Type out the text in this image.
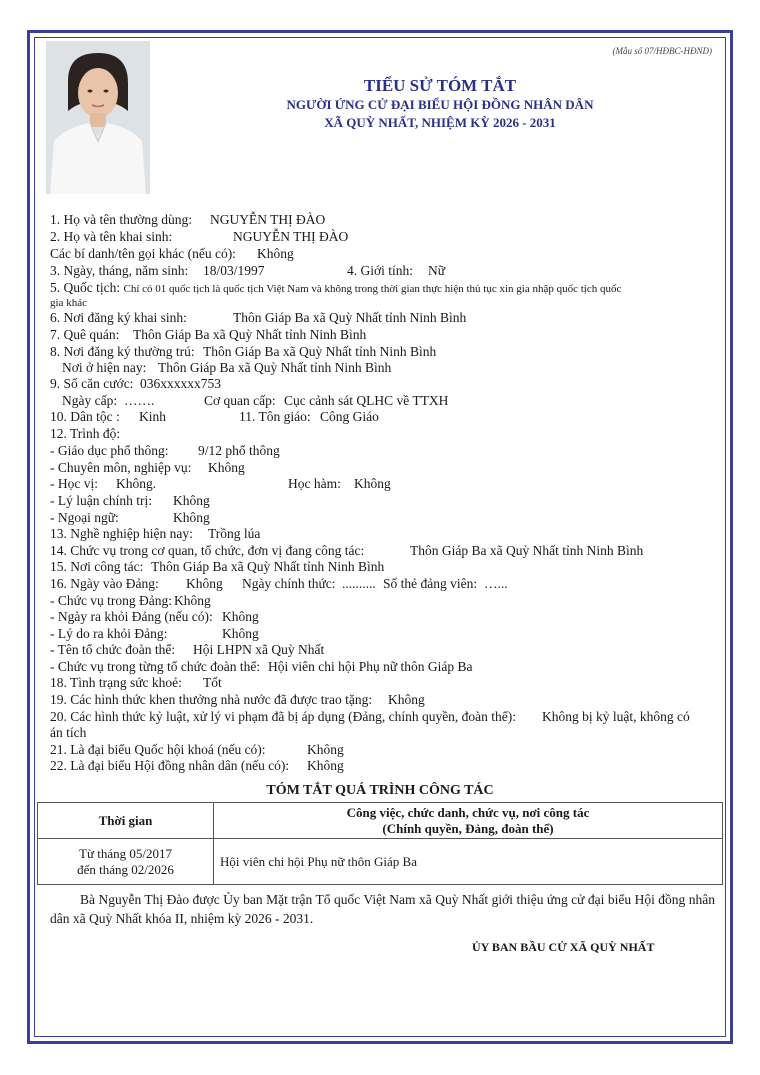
(Mẫu số 07/HĐBC-HĐND)
TIỂU SỬ TÓM TẮT
NGƯỜI ỨNG CỬ ĐẠI BIỂU HỘI ĐỒNG NHÂN DÂN
XÃ QUỲ NHẤT, NHIỆM KỲ 2026 - 2031
1. Họ và tên thường dùng: NGUYỄN THỊ ĐÀO
2. Họ và tên khai sinh:	NGUYỄN THỊ ĐÀO
Các bí danh/tên gọi khác (nếu có): Không
3. Ngày, tháng, năm sinh: 18/03/1997	4. Giới tính: Nữ
5. Quốc tịch: Chỉ có 01 quốc tịch là quốc tịch Việt Nam và không trong thời gian thực hiện thủ tục xin gia nhập quốc tịch quốc
gia khác
6. Nơi đăng ký khai sinh:	Thôn Giáp Ba xã Quỳ Nhất tỉnh Ninh Bình
7. Quê quán: Thôn Giáp Ba xã Quỳ Nhất tỉnh Ninh Bình
8. Nơi đăng ký thường trú: Thôn Giáp Ba xã Quỳ Nhất tỉnh Ninh Bình
Nơi ở hiện nay: Thôn Giáp Ba xã Quỳ Nhất tỉnh Ninh Bình
9. Số căn cước: 036xxxxxx753
Ngày cấp: …….	Cơ quan cấp: Cục cảnh sát QLHC về TTXH
10. Dân tộc : Kinh	11. Tôn giáo: Công Giáo
12. Trình độ:
- Giáo dục phổ thông: 9/12 phổ thông
- Chuyên môn, nghiệp vụ: Không
- Học vị: Không.	Học hàm: Không
- Lý luận chính trị: Không
- Ngoại ngữ:	Không
13. Nghề nghiệp hiện nay: Trồng lúa
14. Chức vụ trong cơ quan, tổ chức, đơn vị đang công tác:	Thôn Giáp Ba xã Quỳ Nhất tỉnh Ninh Bình
15. Nơi công tác: Thôn Giáp Ba xã Quỳ Nhất tỉnh Ninh Bình
16. Ngày vào Đảng: Không Ngày chính thức: .......... Số thẻ đảng viên: …...
- Chức vụ trong Đảng: Không
- Ngày ra khỏi Đảng (nếu có): Không
- Lý do ra khỏi Đảng:	Không
- Tên tổ chức đoàn thể: Hội LHPN xã Quỳ Nhất
- Chức vụ trong từng tổ chức đoàn thể: Hội viên chi hội Phụ nữ thôn Giáp Ba
18. Tình trạng sức khoẻ: Tốt
19. Các hình thức khen thưởng nhà nước đã được trao tặng: Không
20. Các hình thức kỷ luật, xử lý vi phạm đã bị áp dụng (Đảng, chính quyền, đoàn thể): Không bị kỷ luật, không có
án tích
21. Là đại biểu Quốc hội khoá (nếu có):	Không
22. Là đại biểu Hội đồng nhân dân (nếu có): Không
TÓM TẮT QUÁ TRÌNH CÔNG TÁC
Thời gian	Công việc, chức danh, chức vụ, nơi công tác
(Chính quyền, Đảng, đoàn thể)

Từ tháng 05/2017
đến tháng 02/2026	Hội viên chi hội Phụ nữ thôn Giáp Ba
Bà Nguyễn Thị Đào được Ủy ban Mặt trận Tổ quốc Việt Nam xã Quỳ Nhất giới thiệu ứng cử đại biểu Hội đồng nhân dân xã Quỳ Nhất khóa II, nhiệm kỳ 2026 - 2031.
ỦY BAN BẦU CỬ XÃ QUỲ NHẤT
